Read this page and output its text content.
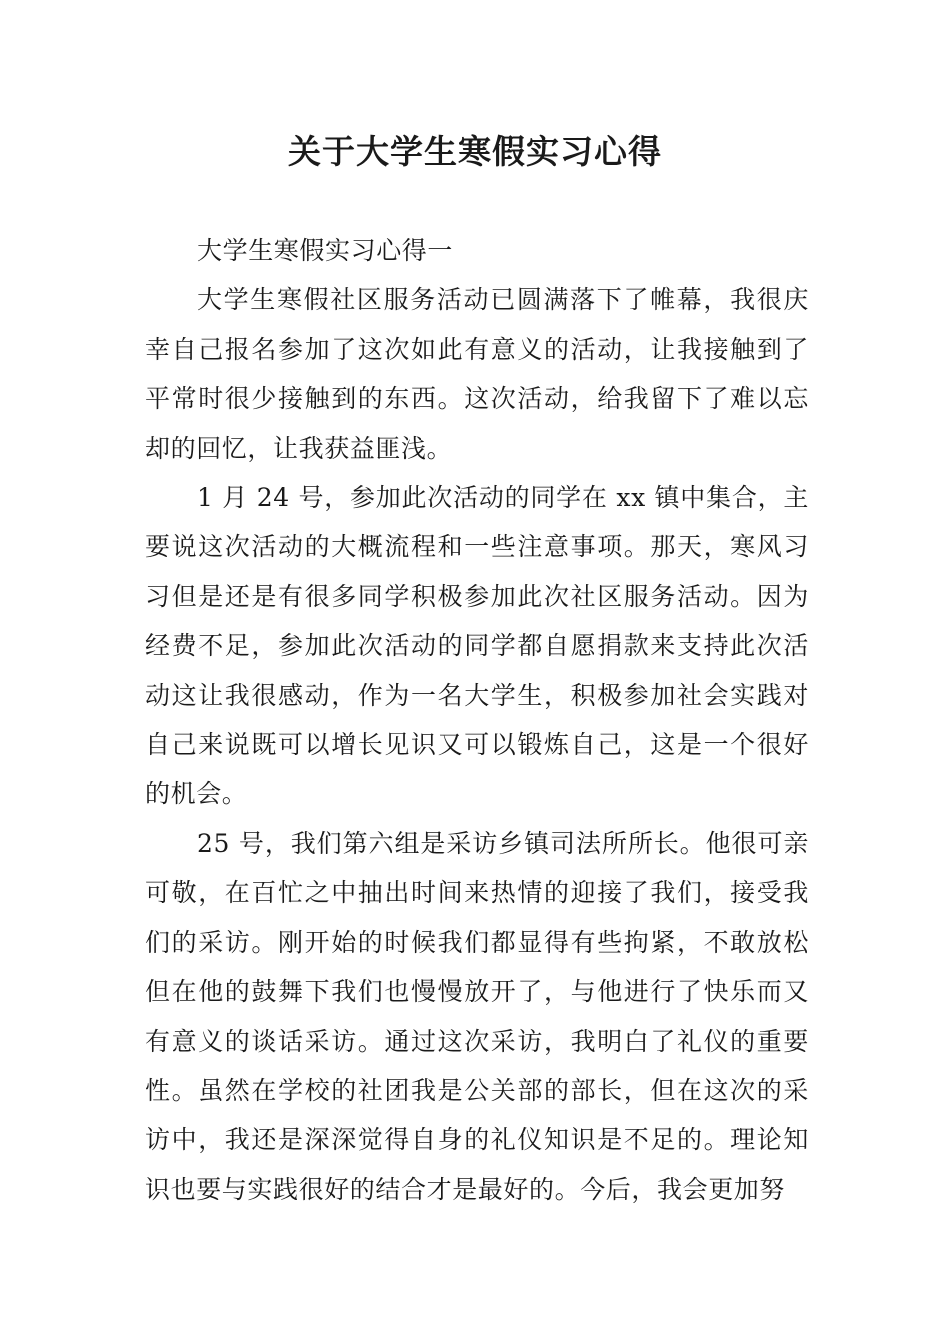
关于大学生寒假实习心得

大学生寒假实习心得一

大学生寒假社区服务活动已圆满落下了帷幕，我很庆幸自己报名参加了这次如此有意义的活动，让我接触到了平常时很少接触到的东西。这次活动，给我留下了难以忘却的回忆，让我获益匪浅。

1 月 24 号，参加此次活动的同学在 xx 镇中集合，主要说这次活动的大概流程和一些注意事项。那天，寒风习习但是还是有很多同学积极参加此次社区服务活动。因为经费不足，参加此次活动的同学都自愿捐款来支持此次活动这让我很感动，作为一名大学生，积极参加社会实践对自己来说既可以增长见识又可以锻炼自己，这是一个很好的机会。

25 号，我们第六组是采访乡镇司法所所长。他很可亲可敬，在百忙之中抽出时间来热情的迎接了我们，接受我们的采访。刚开始的时候我们都显得有些拘紧，不敢放松但在他的鼓舞下我们也慢慢放开了，与他进行了快乐而又有意义的谈话采访。通过这次采访，我明白了礼仪的重要性。虽然在学校的社团我是公关部的部长，但在这次的采访中，我还是深深觉得自身的礼仪知识是不足的。理论知识也要与实践很好的结合才是最好的。今后，我会更加努
